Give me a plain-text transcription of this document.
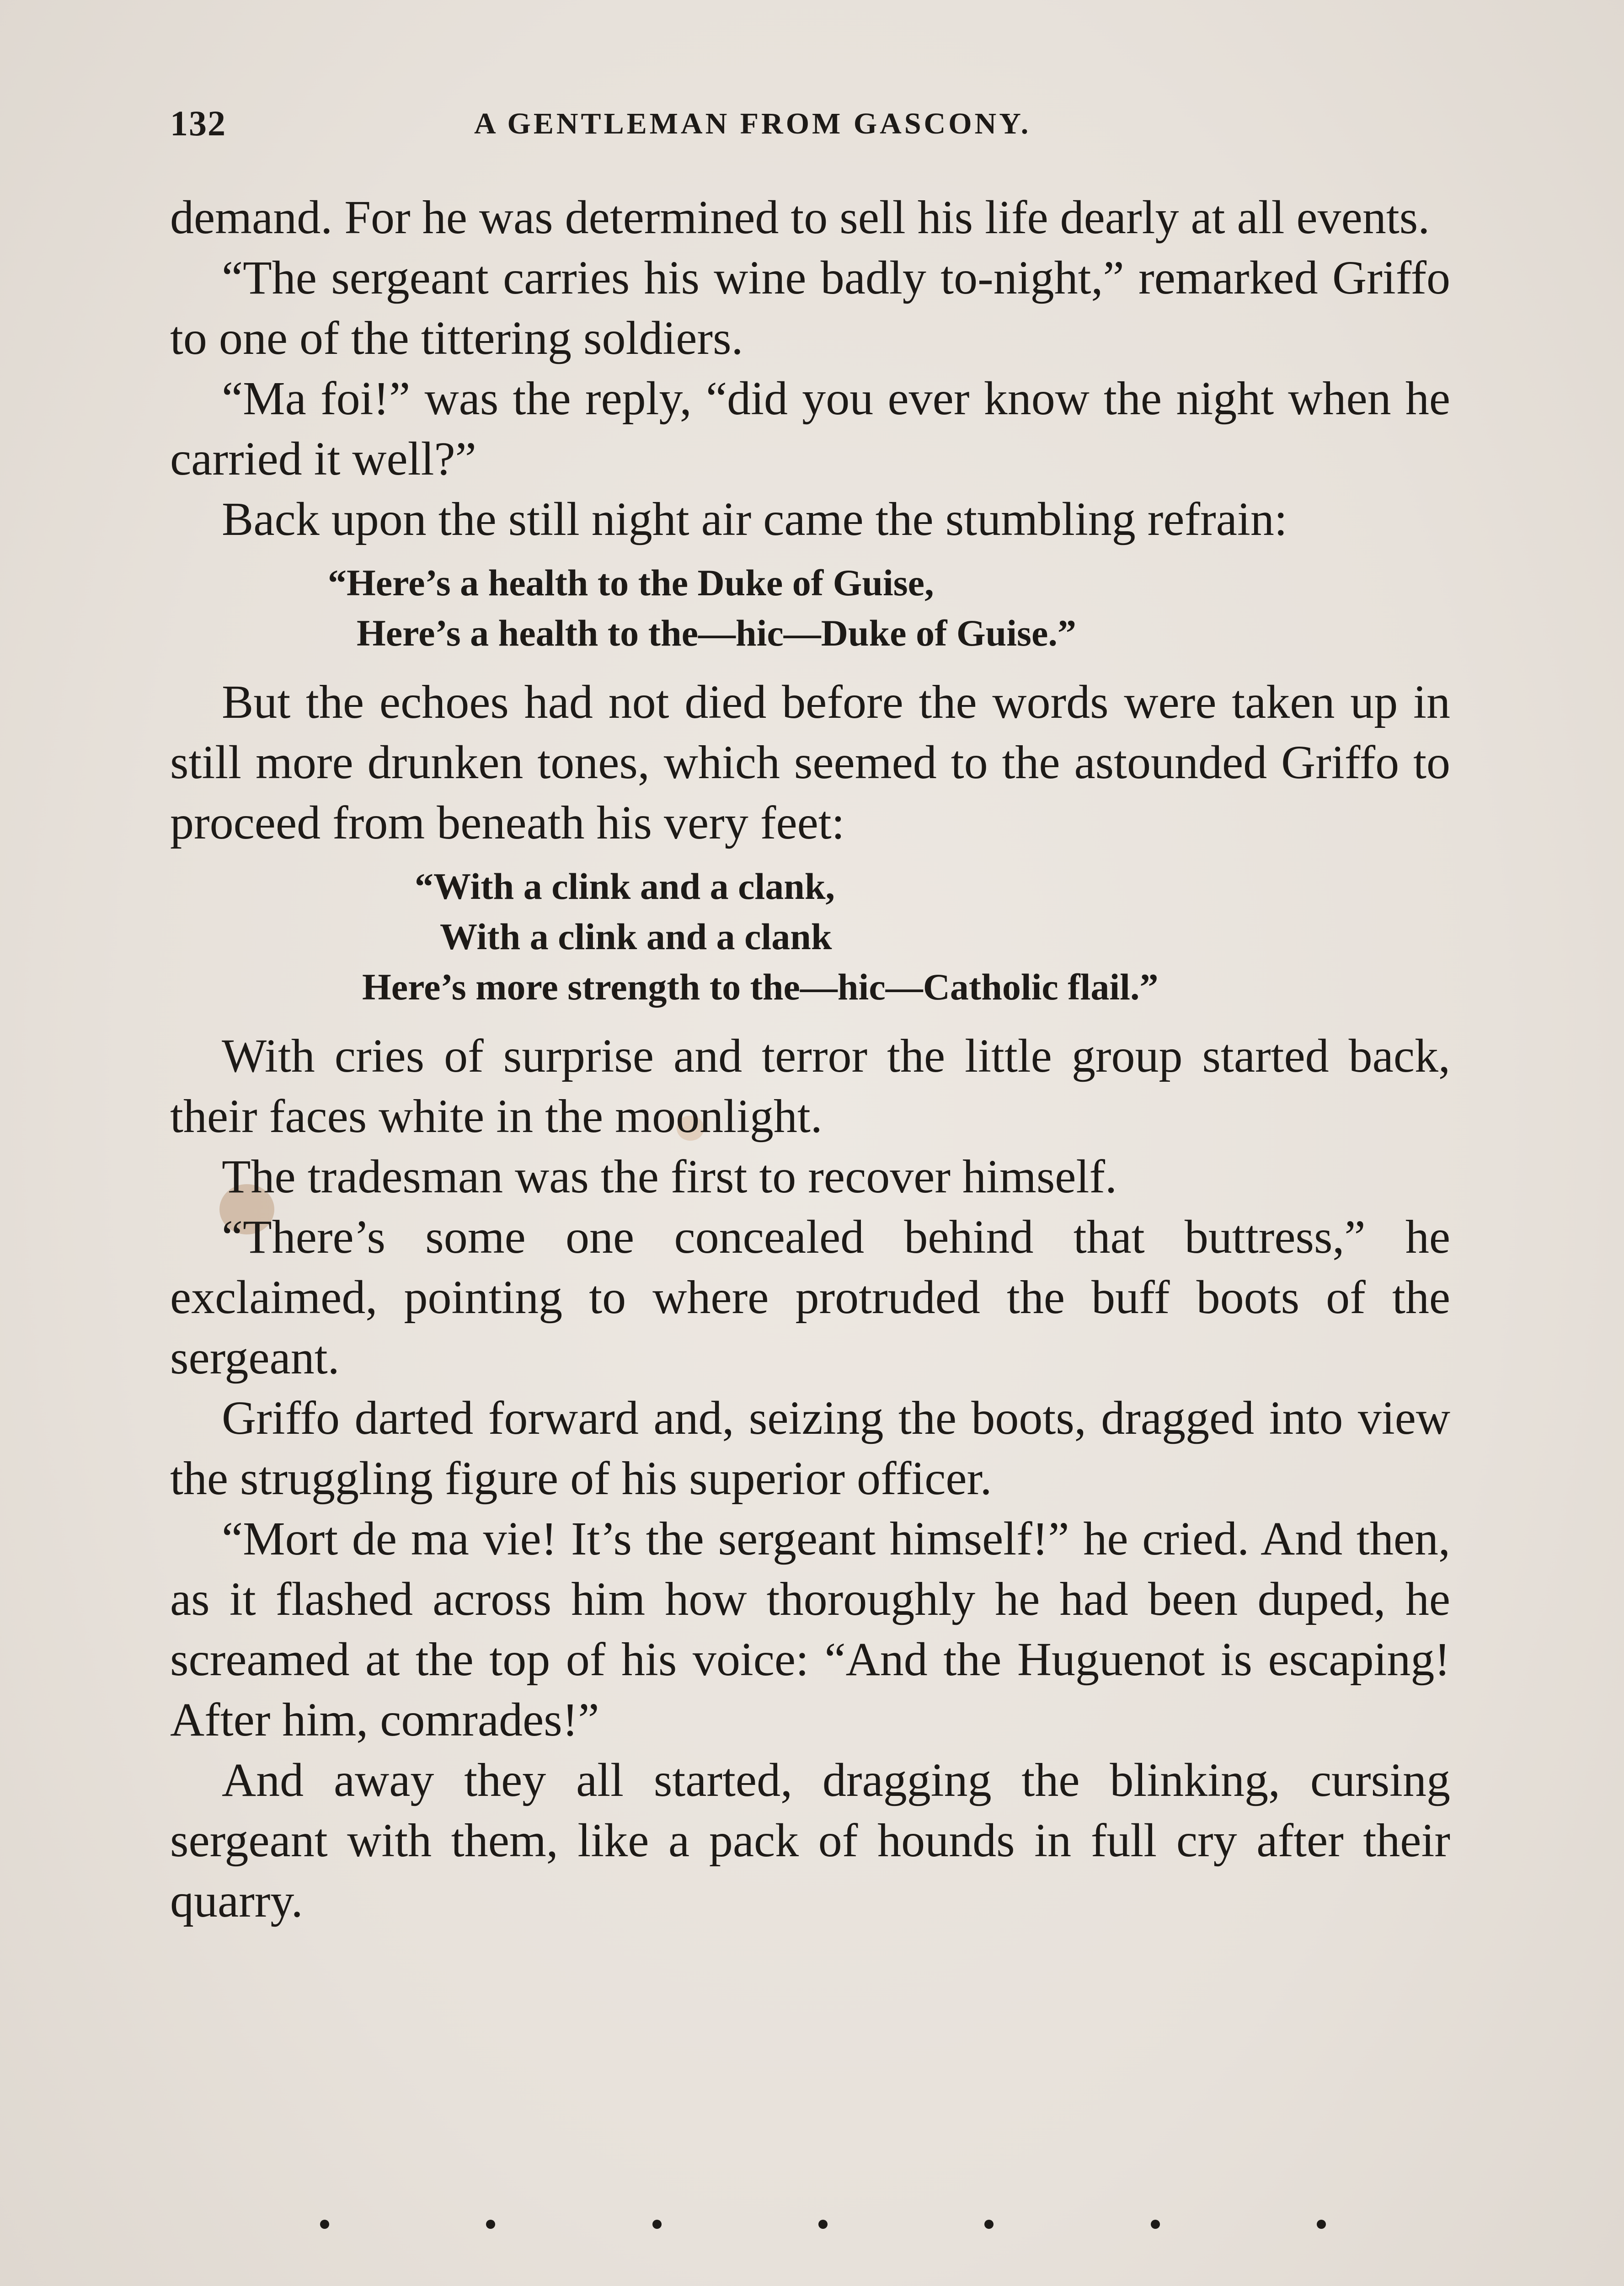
132	A GENTLEMAN FROM GASCONY.

demand. For he was determined to sell his life dearly at all events.

“The sergeant carries his wine badly to-night,” remarked Griffo to one of the tittering soldiers.

“Ma foi!” was the reply, “did you ever know the night when he carried it well?”

Back upon the still night air came the stumbling refrain:

“Here’s a health to the Duke of Guise,
Here’s a health to the—hic—Duke of Guise.”

But the echoes had not died before the words were taken up in still more drunken tones, which seemed to the astounded Griffo to proceed from beneath his very feet:

“With a clink and a clank,
With a clink and a clank
Here’s more strength to the—hic—Catholic flail.”

With cries of surprise and terror the little group started back, their faces white in the moonlight.

The tradesman was the first to recover himself.

“There’s some one concealed behind that buttress,” he exclaimed, pointing to where protruded the buff boots of the sergeant.

Griffo darted forward and, seizing the boots, dragged into view the struggling figure of his superior officer.

“Mort de ma vie! It’s the sergeant himself!” he cried. And then, as it flashed across him how thoroughly he had been duped, he screamed at the top of his voice: “And the Huguenot is escaping! After him, comrades!”

And away they all started, dragging the blinking, cursing sergeant with them, like a pack of hounds in full cry after their quarry.
